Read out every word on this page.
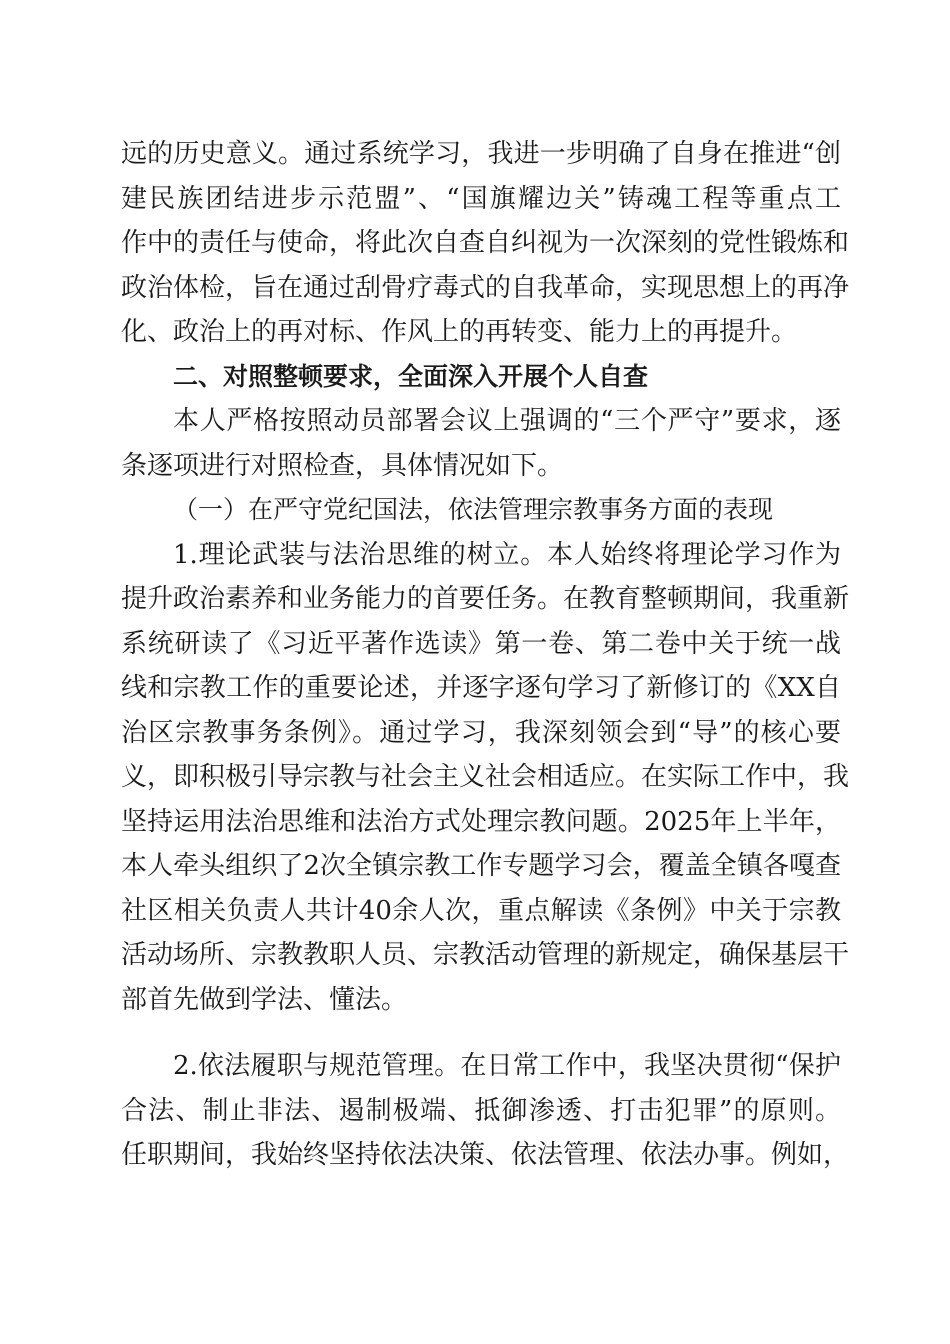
远的历史意义。通过系统学习，我进一步明确了自身在推进“创
建民族团结进步示范盟”、“国旗耀边关”铸魂工程等重点工
作中的责任与使命，将此次自查自纠视为一次深刻的党性锻炼和
政治体检，旨在通过刮骨疗毒式的自我革命，实现思想上的再净
化、政治上的再对标、作风上的再转变、能力上的再提升。
二、对照整顿要求，全面深入开展个人自查
本人严格按照动员部署会议上强调的“三个严守”要求，逐
条逐项进行对照检查，具体情况如下。
（一）在严守党纪国法，依法管理宗教事务方面的表现
1.理论武装与法治思维的树立。本人始终将理论学习作为
提升政治素养和业务能力的首要任务。在教育整顿期间，我重新
系统研读了《习近平著作选读》第一卷、第二卷中关于统一战
线和宗教工作的重要论述，并逐字逐句学习了新修订的《XX自
治区宗教事务条例》。通过学习，我深刻领会到“导”的核心要
义，即积极引导宗教与社会主义社会相适应。在实际工作中，我
坚持运用法治思维和法治方式处理宗教问题。2025年上半年，
本人牵头组织了2次全镇宗教工作专题学习会，覆盖全镇各嘎查
社区相关负责人共计40余人次，重点解读《条例》中关于宗教
活动场所、宗教教职人员、宗教活动管理的新规定，确保基层干
部首先做到学法、懂法。
2.依法履职与规范管理。在日常工作中，我坚决贯彻“保护
合法、制止非法、遏制极端、抵御渗透、打击犯罪”的原则。
任职期间，我始终坚持依法决策、依法管理、依法办事。例如，
